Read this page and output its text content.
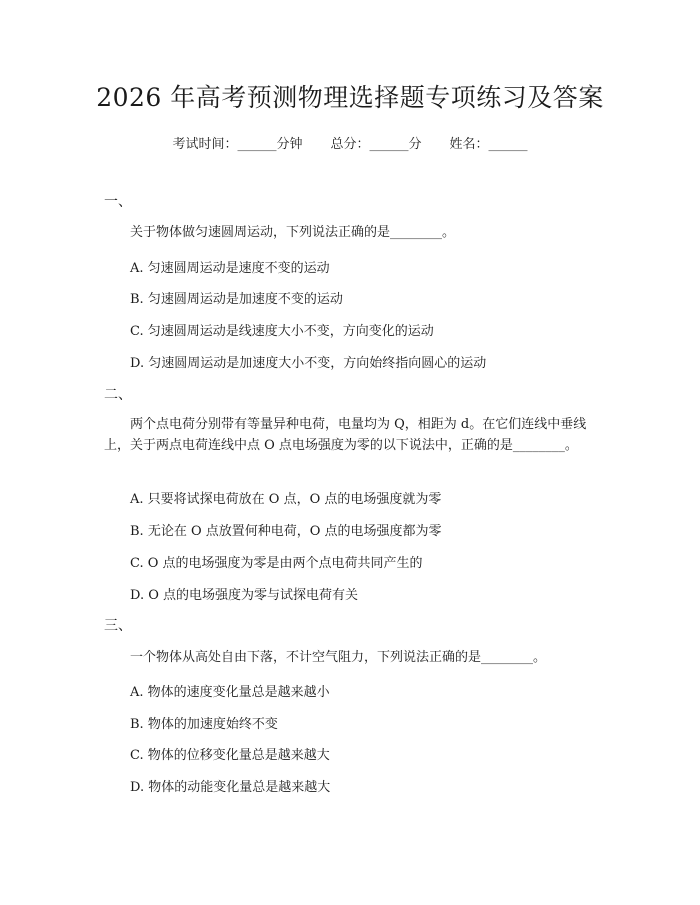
2026 年高考预测物理选择题专项练习及答案
考试时间：______分钟 总分：______分 姓名：______
一、
关于物体做匀速圆周运动，下列说法正确的是________。
A. 匀速圆周运动是速度不变的运动
B. 匀速圆周运动是加速度不变的运动
C. 匀速圆周运动是线速度大小不变，方向变化的运动
D. 匀速圆周运动是加速度大小不变，方向始终指向圆心的运动
二、
两个点电荷分别带有等量异种电荷，电量均为 Q，相距为 d。在它们连线中垂线上，关于两点电荷连线中点 O 点电场强度为零的以下说法中，正确的是________。
A. 只要将试探电荷放在 O 点，O 点的电场强度就为零
B. 无论在 O 点放置何种电荷，O 点的电场强度都为零
C. O 点的电场强度为零是由两个点电荷共同产生的
D. O 点的电场强度为零与试探电荷有关
三、
一个物体从高处自由下落，不计空气阻力，下列说法正确的是________。
A. 物体的速度变化量总是越来越小
B. 物体的加速度始终不变
C. 物体的位移变化量总是越来越大
D. 物体的动能变化量总是越来越大
